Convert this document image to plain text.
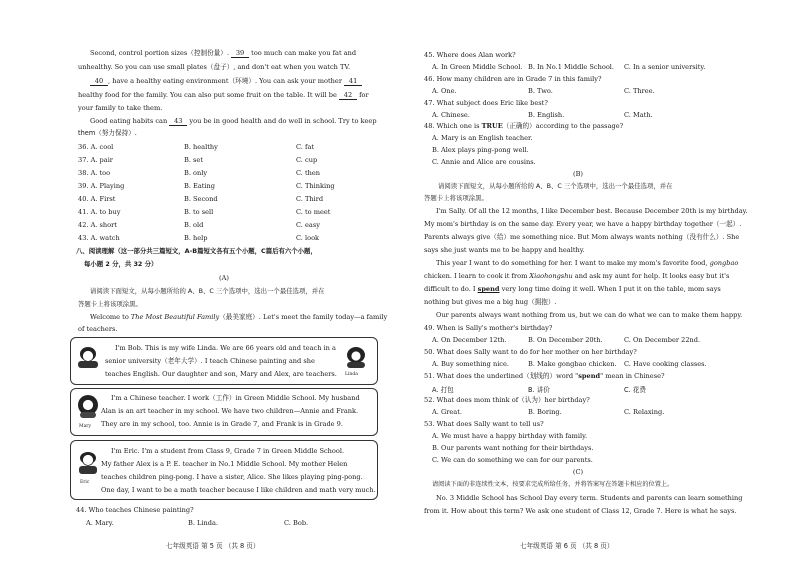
Second, control portion sizes（控制份量）. 39 too much can make you fat and
unhealthy. So you can use small plates（盘子）, and don't eat when you watch TV.
40 , have a healthy eating environment（环境）. You can ask your mother 41
healthy food for the family. You can also put some fruit on the table. It will be 42 for
your family to take them.
Good eating habits can 43 you be in good health and do well in school. Try to keep
them（努力保持）.
36. A. cool	B. healthy	C. fat
37. A. pair	B. set	C. cup
38. A. too	B. only	C. then
39. A. Playing	B. Eating	C. Thinking
40. A. First	B. Second	C. Third
41. A. to buy	B. to sell	C. to meet
42. A. short	B. old	C. easy
43. A. watch	B. help	C. look
八、阅读理解（这一部分共三篇短文，A-B篇短文各有五个小题，C篇后有六个小题，
每小题 2 分，共 32 分）
(A)
请阅读下面短文，从每小题所给的 A、B、C 三个选项中，选出一个最佳选项，并在
答题卡上将该项涂黑。
Welcome to The Most Beautiful Family（最美家庭）. Let's meet the family today—a family
of teachers.
Bob
I'm Bob. This is my wife Linda. We are 66 years old and teach in a
senior university（老年大学）. I teach Chinese painting and she
teaches English. Our daughter and son, Mary and Alex, are teachers. Linda
Mary
I'm a Chinese teacher. I work（工作）in Green Middle School. My husband
Alan is an art teacher in my school. We have two children—Annie and Frank.
They are in my school, too. Annie is in Grade 7, and Frank is in Grade 9.
Eric
I'm Eric. I'm a student from Class 9, Grade 7 in Green Middle School.
My father Alex is a P. E. teacher in No.1 Middle School. My mother Helen
teaches children ping-pong. I have a sister, Alice. She likes playing ping-pong.
One day, I want to be a math teacher because I like children and math very much.
44. Who teaches Chinese painting?
A. Mary.	B. Linda.	C. Bob.
七年级英语 第 5 页 （共 8 页）
45. Where does Alan work?
A. In Green Middle School. B. In No.1 Middle School. C. In a senior university.
46. How many children are in Grade 7 in this family?
A. One.	B. Two.	C. Three.
47. What subject does Eric like best?
A. Chinese.	B. English.	C. Math.
48. Which one is TRUE（正确的）according to the passage?
A. Mary is an English teacher.
B. Alex plays ping-pong well.
C. Annie and Alice are cousins.
(B)
请阅读下面短文，从每小题所给的 A、B、C 三个选项中，选出一个最佳选项，并在
答题卡上将该项涂黑。
I'm Sally. Of all the 12 months, I like December best. Because December 20th is my birthday.
My mom's birthday is on the same day. Every year, we have a happy birthday together（一起）.
Parents always give（给）me something nice. But Mom always wants nothing（没有什么）. She
says she just wants me to be happy and healthy.
This year I want to do something for her. I want to make my mom's favorite food, gongbao
chicken. I learn to cook it from Xiaohongshu and ask my aunt for help. It looks easy but it's
difficult to do. I spend very long time doing it well. When I put it on the table, mom says
nothing but gives me a big hug（拥抱）.
Our parents always want nothing from us, but we can do what we can to make them happy.
49. When is Sally's mother's birthday?
A. On December 12th.	B. On December 20th.	C. On December 22nd.
50. What does Sally want to do for her mother on her birthday?
A. Buy something nice.	B. Make gongbao chicken. C. Have cooking classes.
51. What does the underlined（划线的）word "spend" mean in Chinese?
A. 打包	B. 讲价	C. 花费
52. What does mom think of（认为）her birthday?
A. Great.	B. Boring.	C. Relaxing.
53. What does Sally want to tell us?
A. We must have a happy birthday with family.
B. Our parents want nothing for their birthdays.
C. We can do something we can for our parents.
(C)
请阅读下面的非连续性文本，按要求完成所给任务，并将答案写在答题卡相应的位置上。
No. 3 Middle School has School Day every term. Students and parents can learn something
from it. How about this term? We ask one student of Class 12, Grade 7. Here is what he says.
七年级英语 第 6 页 （共 8 页）
